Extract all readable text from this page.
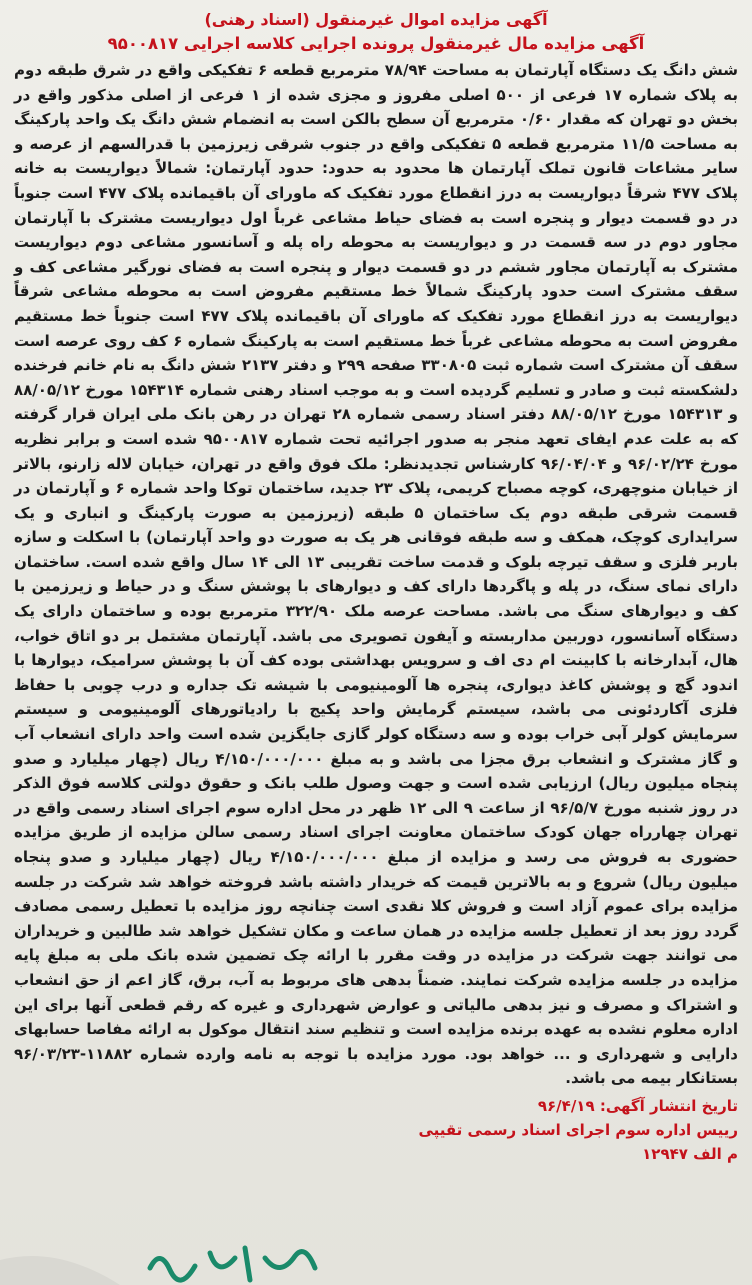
آگهی مزایده اموال غیرمنقول (اسناد رهنی)

آگهی مزایده مال غیرمنقول پرونده اجرایی کلاسه اجرایی ۹۵۰۰۸۱۷

شش دانگ یک دستگاه آپارتمان به مساحت ۷۸/۹۴ مترمربع قطعه ۶ تفکیکی واقع در شرق طبقه دوم به پلاک شماره ۱۷ فرعی از ۵۰۰ اصلی مفروز و مجزی شده از ۱ فرعی از اصلی مذکور واقع در بخش دو تهران که مقدار ۰/۶۰ مترمربع آن سطح بالکن است به انضمام شش دانگ یک واحد پارکینگ به مساحت ۱۱/۵ مترمربع قطعه ۵ تفکیکی واقع در جنوب شرقی زیرزمین با قدرالسهم از عرصه و سایر مشاعات قانون تملک آپارتمان ها محدود به حدود: حدود آپارتمان: شمالاً دیواریست به خانه پلاک ۴۷۷ شرقاً دیواریست به درز انقطاع مورد تفکیک که ماورای آن باقیمانده پلاک ۴۷۷ است جنوباً در دو قسمت دیوار و پنجره است به فضای حیاط مشاعی غرباً اول دیواریست مشترک با آپارتمان مجاور دوم در سه قسمت در و دیواریست به محوطه راه پله و آسانسور مشاعی دوم دیواریست مشترک به آپارتمان مجاور ششم در دو قسمت دیوار و پنجره است به فضای نورگیر مشاعی کف و سقف مشترک است حدود پارکینگ شمالاً خط مستقیم مفروض است به محوطه مشاعی شرقاً دیواریست به درز انقطاع مورد تفکیک که ماورای آن باقیمانده پلاک ۴۷۷ است جنوباً خط مستقیم مفروض است به محوطه مشاعی غرباً خط مستقیم است به پارکینگ شماره ۶ کف روی عرصه است سقف آن مشترک است شماره ثبت ۳۳۰۸۰۵ صفحه ۲۹۹ و دفتر ۲۱۳۷ شش دانگ به نام خانم فرخنده دلشکسته ثبت و صادر و تسلیم گردیده است و به موجب اسناد رهنی شماره ۱۵۴۳۱۴ مورخ ۸۸/۰۵/۱۲ و ۱۵۴۳۱۳ مورخ ۸۸/۰۵/۱۲ دفتر اسناد رسمی شماره ۲۸ تهران در رهن بانک ملی ایران قرار گرفته که به علت عدم ایفای تعهد منجر به صدور اجرائیه تحت شماره ۹۵۰۰۸۱۷ شده است و برابر نظریه مورخ ۹۶/۰۲/۲۴ و ۹۶/۰۴/۰۴ کارشناس تجدیدنظر: ملک فوق واقع در تهران، خیابان لاله زارنو، بالاتر از خیابان منوچهری، کوچه مصباح کریمی، پلاک ۲۳ جدید، ساختمان توکا واحد شماره ۶ و آپارتمان در قسمت شرقی طبقه دوم یک ساختمان ۵ طبقه (زیرزمین به صورت پارکینگ و انباری و یک سرایداری کوچک، همکف و سه طبقه فوقانی هر یک به صورت دو واحد آپارتمان) با اسکلت و سازه باربر فلزی و سقف تیرچه بلوک و قدمت ساخت تقریبی ۱۳ الی ۱۴ سال واقع شده است. ساختمان دارای نمای سنگ، در پله و پاگردها دارای کف و دیوارهای با پوشش سنگ و در حیاط و زیرزمین با کف و دیوارهای سنگ می باشد. مساحت عرصه ملک ۳۲۲/۹۰ مترمربع بوده و ساختمان دارای یک دستگاه آسانسور، دوربین مداربسته و آیفون تصویری می باشد. آپارتمان مشتمل بر دو اتاق خواب، هال، آبدارخانه با کابینت ام دی اف و سرویس بهداشتی بوده کف آن با پوشش سرامیک، دیوارها با اندود گچ و پوشش کاغذ دیواری، پنجره ها آلومینیومی با شیشه تک جداره و درب چوبی با حفاظ فلزی آکاردئونی می باشد، سیستم گرمایش واحد پکیج با رادیاتورهای آلومینیومی و سیستم سرمایش کولر آبی خراب بوده و سه دستگاه کولر گازی جایگزین شده است واحد دارای انشعاب آب و گاز مشترک و انشعاب برق مجزا می باشد و به مبلغ ۴/۱۵۰/۰۰۰/۰۰۰ ریال (چهار میلیارد و صدو پنجاه میلیون ریال) ارزیابی شده است و جهت وصول طلب بانک و حقوق دولتی کلاسه فوق الذکر در روز شنبه مورخ ۹۶/۵/۷ از ساعت ۹ الی ۱۲ ظهر در محل اداره سوم اجرای اسناد رسمی واقع در تهران چهارراه جهان کودک ساختمان معاونت اجرای اسناد رسمی سالن مزایده از طریق مزایده حضوری به فروش می رسد و مزایده از مبلغ ۴/۱۵۰/۰۰۰/۰۰۰ ریال (چهار میلیارد و صدو پنجاه میلیون ریال) شروع و به بالاترین قیمت که خریدار داشته باشد فروخته خواهد شد شرکت در جلسه مزایده برای عموم آزاد است و فروش کلا نقدی است چنانچه روز مزایده با تعطیل رسمی مصادف گردد روز بعد از تعطیل جلسه مزایده در همان ساعت و مکان تشکیل خواهد شد طالبین و خریداران می توانند جهت شرکت در مزایده در وقت مقرر با ارائه چک تضمین شده بانک ملی به مبلغ پایه مزایده در جلسه مزایده شرکت نمایند. ضمناً بدهی های مربوط به آب، برق، گاز اعم از حق انشعاب و اشتراک و مصرف و نیز بدهی مالیاتی و عوارض شهرداری و غیره که رقم قطعی آنها برای این اداره معلوم نشده به عهده برنده مزایده است و تنظیم سند انتقال موکول به ارائه مفاصا حسابهای دارایی و شهرداری و ... خواهد بود. مورد مزایده با توجه به نامه وارده شماره ۱۱۸۸۲-۹۶/۰۳/۲۳ بستانکار بیمه می باشد.

تاریخ انتشار آگهی: ۹۶/۴/۱۹

رییس اداره سوم اجرای اسناد رسمی تقیپی

م الف ۱۲۹۴۷
